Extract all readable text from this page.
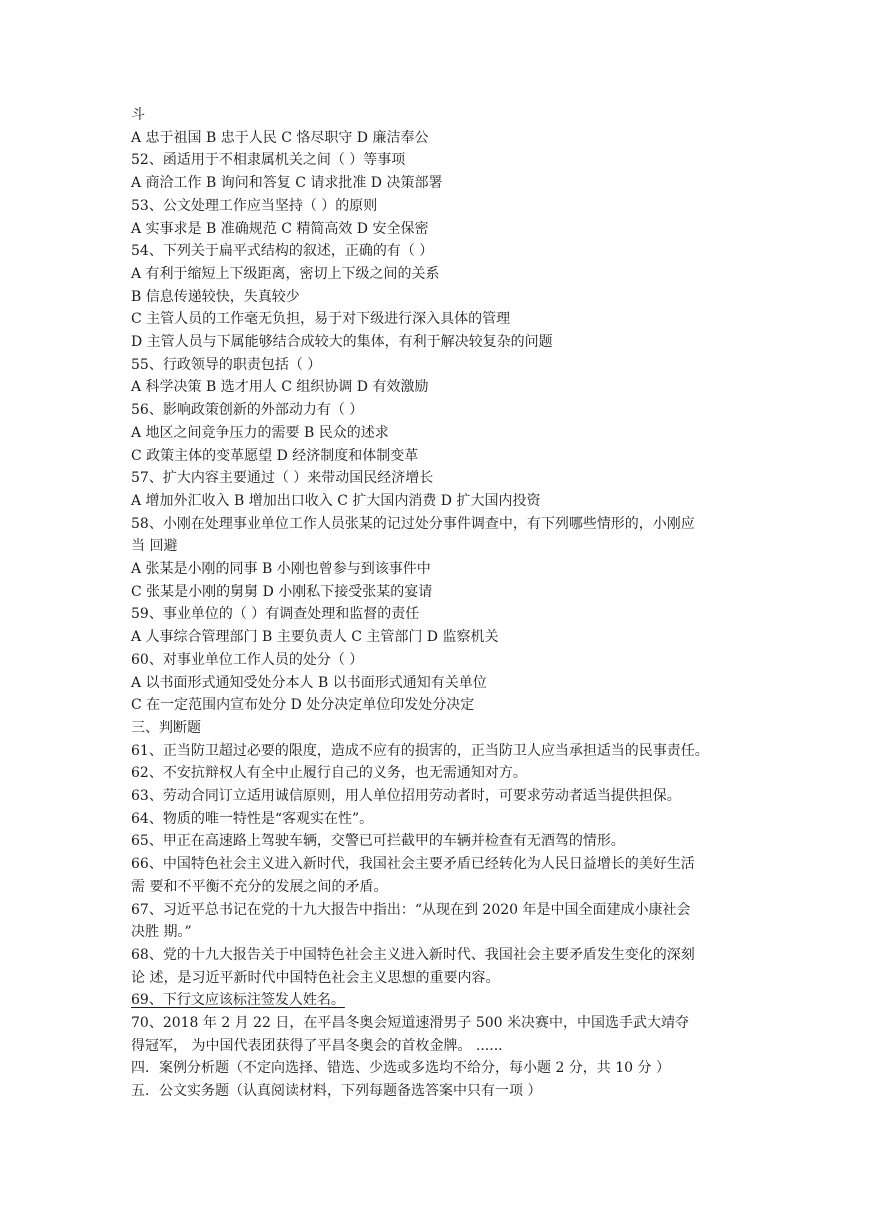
斗
A 忠于祖国 B 忠于人民 C 恪尽职守 D 廉洁奉公
52、函适用于不相隶属机关之间（ ）等事项
A 商洽工作 B 询问和答复 C 请求批准 D 决策部署
53、公文处理工作应当坚持（ ）的原则
A 实事求是 B 准确规范 C 精简高效 D 安全保密
54、下列关于扁平式结构的叙述，正确的有（ ）
A 有利于缩短上下级距离，密切上下级之间的关系
B 信息传递较快，失真较少
C 主管人员的工作毫无负担，易于对下级进行深入具体的管理
D 主管人员与下属能够结合成较大的集体，有利于解决较复杂的问题
55、行政领导的职责包括（ ）
A 科学决策 B 选才用人 C 组织协调 D 有效激励
56、影响政策创新的外部动力有（ ）
A 地区之间竞争压力的需要 B 民众的述求
C 政策主体的变革愿望 D 经济制度和体制变革
57、扩大内容主要通过（ ）来带动国民经济增长
A 增加外汇收入 B 增加出口收入 C 扩大国内消费 D 扩大国内投资
58、小刚在处理事业单位工作人员张某的记过处分事件调查中，有下列哪些情形的，小刚应
当 回避
A 张某是小刚的同事 B 小刚也曾参与到该事件中
C 张某是小刚的舅舅 D 小刚私下接受张某的宴请
59、事业单位的（ ）有调查处理和监督的责任
A 人事综合管理部门 B 主要负责人 C 主管部门 D 监察机关
60、对事业单位工作人员的处分（ ）
A 以书面形式通知受处分本人 B 以书面形式通知有关单位
C 在一定范围内宣布处分 D 处分决定单位印发处分决定
三、判断题
61、正当防卫超过必要的限度，造成不应有的损害的，正当防卫人应当承担适当的民事责任。
62、不安抗辩权人有全中止履行自己的义务，也无需通知对方。
63、劳动合同订立适用诚信原则，用人单位招用劳动者时，可要求劳动者适当提供担保。
64、物质的唯一特性是“客观实在性”。
65、甲正在高速路上驾驶车辆，交警已可拦截甲的车辆并检查有无酒驾的情形。
66、中国特色社会主义进入新时代，我国社会主要矛盾已经转化为人民日益增长的美好生活
需 要和不平衡不充分的发展之间的矛盾。
67、习近平总书记在党的十九大报告中指出：“从现在到 2020 年是中国全面建成小康社会
决胜 期。”
68、党的十九大报告关于中国特色社会主义进入新时代、我国社会主要矛盾发生变化的深刻
论 述，是习近平新时代中国特色社会主义思想的重要内容。
69、下行文应该标注签发人姓名。
70、2018 年 2 月 22 日，在平昌冬奥会短道速滑男子 500 米决赛中，中国选手武大靖夺
得冠军， 为中国代表团获得了平昌冬奥会的首枚金牌。 ......
四．案例分析题（不定向选择、错选、少选或多选均不给分，每小题 2 分，共 10 分 ）
五．公文实务题（认真阅读材料，下列每题备选答案中只有一项 ）
